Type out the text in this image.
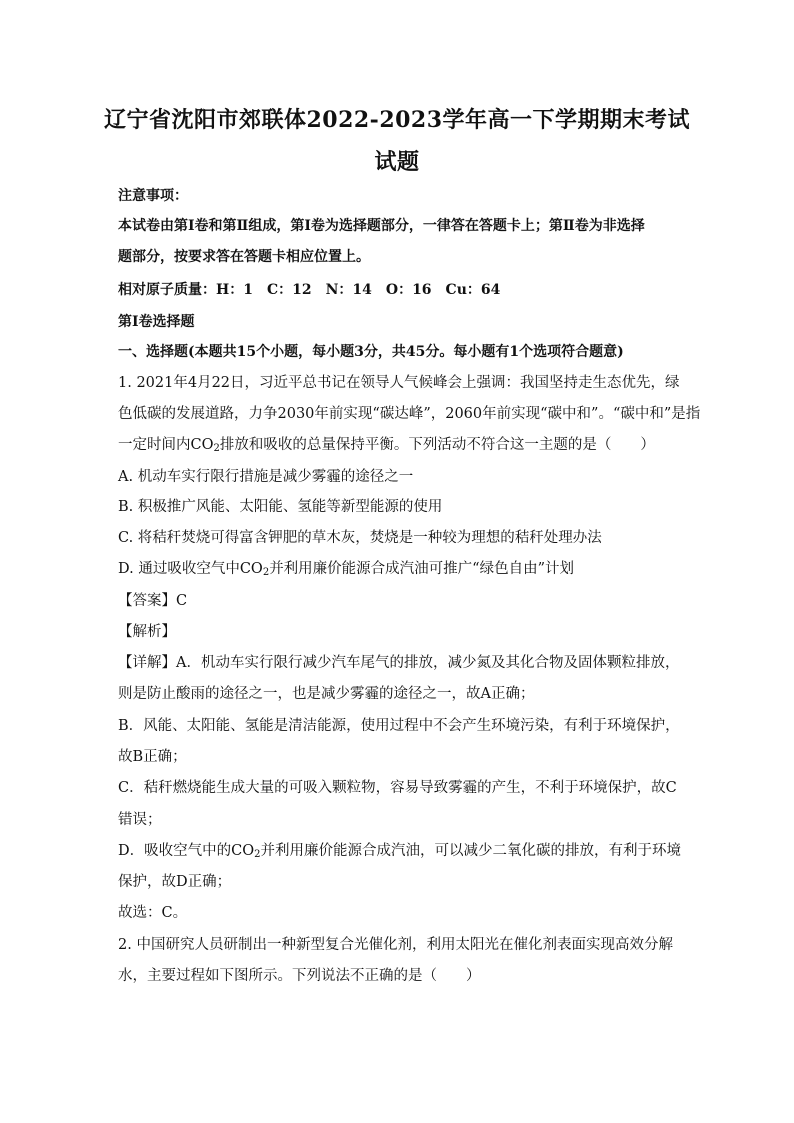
辽宁省沈阳市郊联体2022-2023学年高一下学期期末考试
试题
注意事项：
本试卷由第Ⅰ卷和第Ⅱ组成，第Ⅰ卷为选择题部分，一律答在答题卡上；第Ⅱ卷为非选择
题部分，按要求答在答题卡相应位置上。
相对原子质量：H：1　C：12　N：14　O：16　Cu：64
第Ⅰ卷选择题
一、选择题(本题共15个小题，每小题3分，共45分。每小题有1个选项符合题意)
1. 2021年4月22日，习近平总书记在领导人气候峰会上强调：我国坚持走生态优先，绿
色低碳的发展道路，力争2030年前实现“碳达峰”，2060年前实现“碳中和”。“碳中和”是指
一定时间内$CO_2$排放和吸收的总量保持平衡。下列活动不符合这一主题的是（　　）
A. 机动车实行限行措施是减少雾霾的途径之一
B. 积极推广风能、太阳能、氢能等新型能源的使用
C. 将秸秆焚烧可得富含钾肥的草木灰，焚烧是一种较为理想的秸秆处理办法
D. 通过吸收空气中$CO_2$并利用廉价能源合成汽油可推广“绿色自由”计划
【答案】C
【解析】
【详解】A．机动车实行限行减少汽车尾气的排放，减少氮及其化合物及固体颗粒排放，
则是防止酸雨的途径之一，也是减少雾霾的途径之一，故A正确；
B．风能、太阳能、氢能是清洁能源，使用过程中不会产生环境污染，有利于环境保护，
故B正确；
C．秸秆燃烧能生成大量的可吸入颗粒物，容易导致雾霾的产生，不利于环境保护，故C
错误；
D．吸收空气中的$CO_2$并利用廉价能源合成汽油，可以减少二氧化碳的排放，有利于环境
保护，故D正确；
故选：C。
2. 中国研究人员研制出一种新型复合光催化剂，利用太阳光在催化剂表面实现高效分解
水，主要过程如下图所示。下列说法不正确的是（　　）
